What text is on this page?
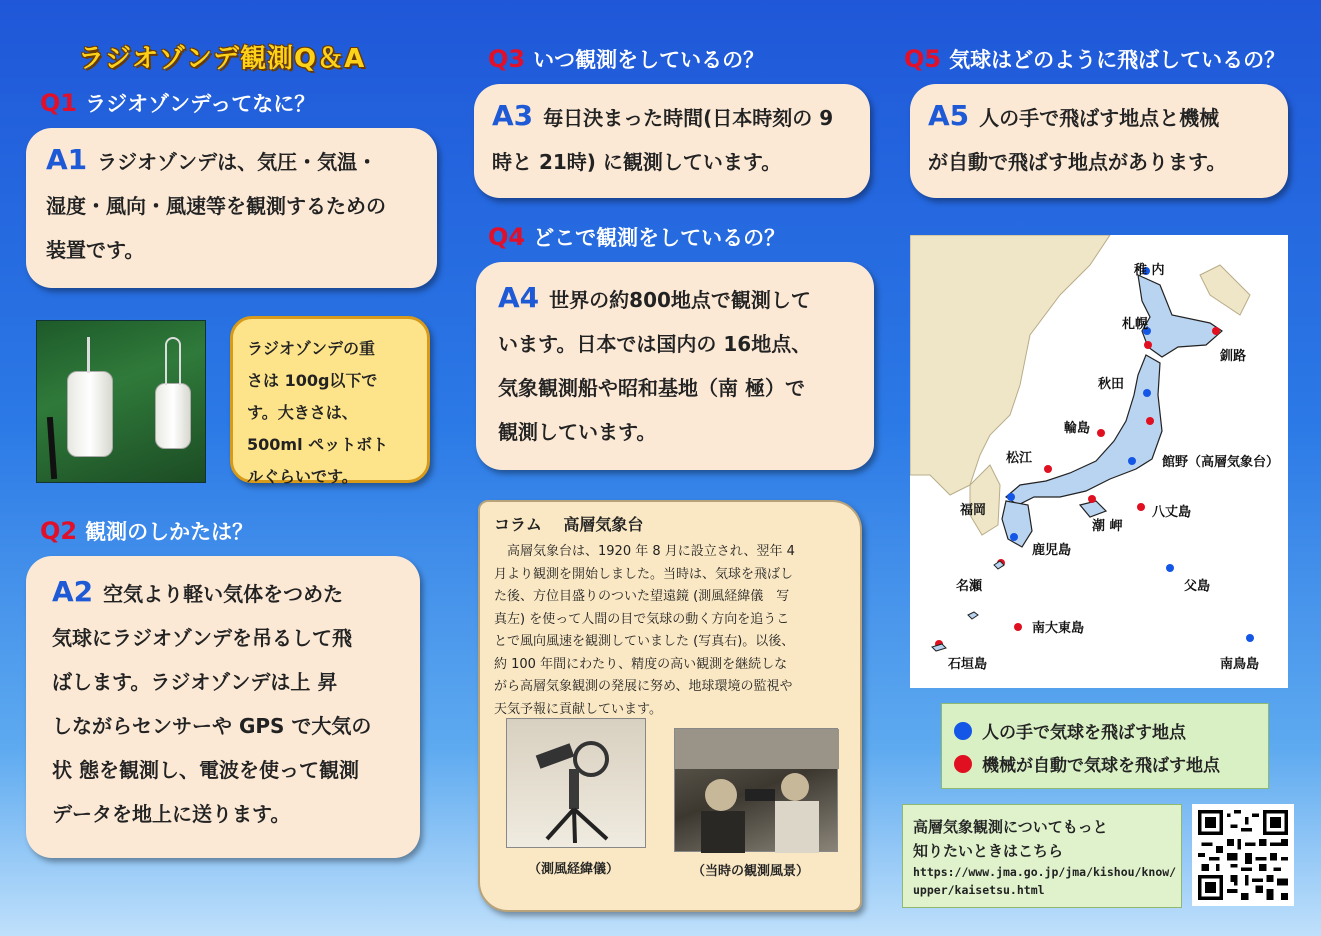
ラジオゾンデ観測Q＆A
Q1 ラジオゾンデってなに？
A1 ラジオゾンデは、気圧・気温・
湿度・風向・風速等を観測するための
装置です。
ラジオゾンデの重
さは 100g以下で
す。大きさは、
500ml ペットボト
ルぐらいです。
Q2 観測のしかたは？
A2 空気より軽い気体をつめた
気球にラジオゾンデを吊るして飛
ばします。ラジオゾンデは上 昇
しながらセンサーや GPS で大気の
状 態を観測し、電波を使って観測
データを地上に送ります。
Q3 いつ観測をしているの？
A3 毎日決まった時間(日本時刻の 9
時と 21時) に観測しています。
Q4 どこで観測をしているの？
A4 世界の約800地点で観測して
います。日本では国内の 16地点、
気象観測船や昭和基地（南 極）で
観測しています。
コラム　 高層気象台

　高層気象台は、1920 年 8 月に設立され、翌年 4
月より観測を開始しました。当時は、気球を飛ばし
た後、方位目盛りのついた望遠鏡 (測風経緯儀　写
真左) を使って人間の目で気球の動く方向を追うこ
とで風向風速を観測していました (写真右)。以後、
約 100 年間にわたり、精度の高い観測を継続しな
がら高層気象観測の発展に努め、地球環境の監視や
天気予報に貢献しています。

（測風経緯儀）	（当時の観測風景）
Q5 気球はどのように飛ばしているの？
A5 人の手で飛ばす地点と機械
が自動で飛ばす地点があります。
稚 内
札幌
釧路
秋田
輪島
松江	館野（高層気象台）
福岡
潮 岬
八丈島
鹿児島
名瀬	父島
南大東島
石垣島	南鳥島
人の手で気球を飛ばす地点
機械が自動で気球を飛ばす地点
高層気象観測についてもっと
知りたいときはこちら
https://www.jma.go.jp/jma/kishou/know/
upper/kaisetsu.html
